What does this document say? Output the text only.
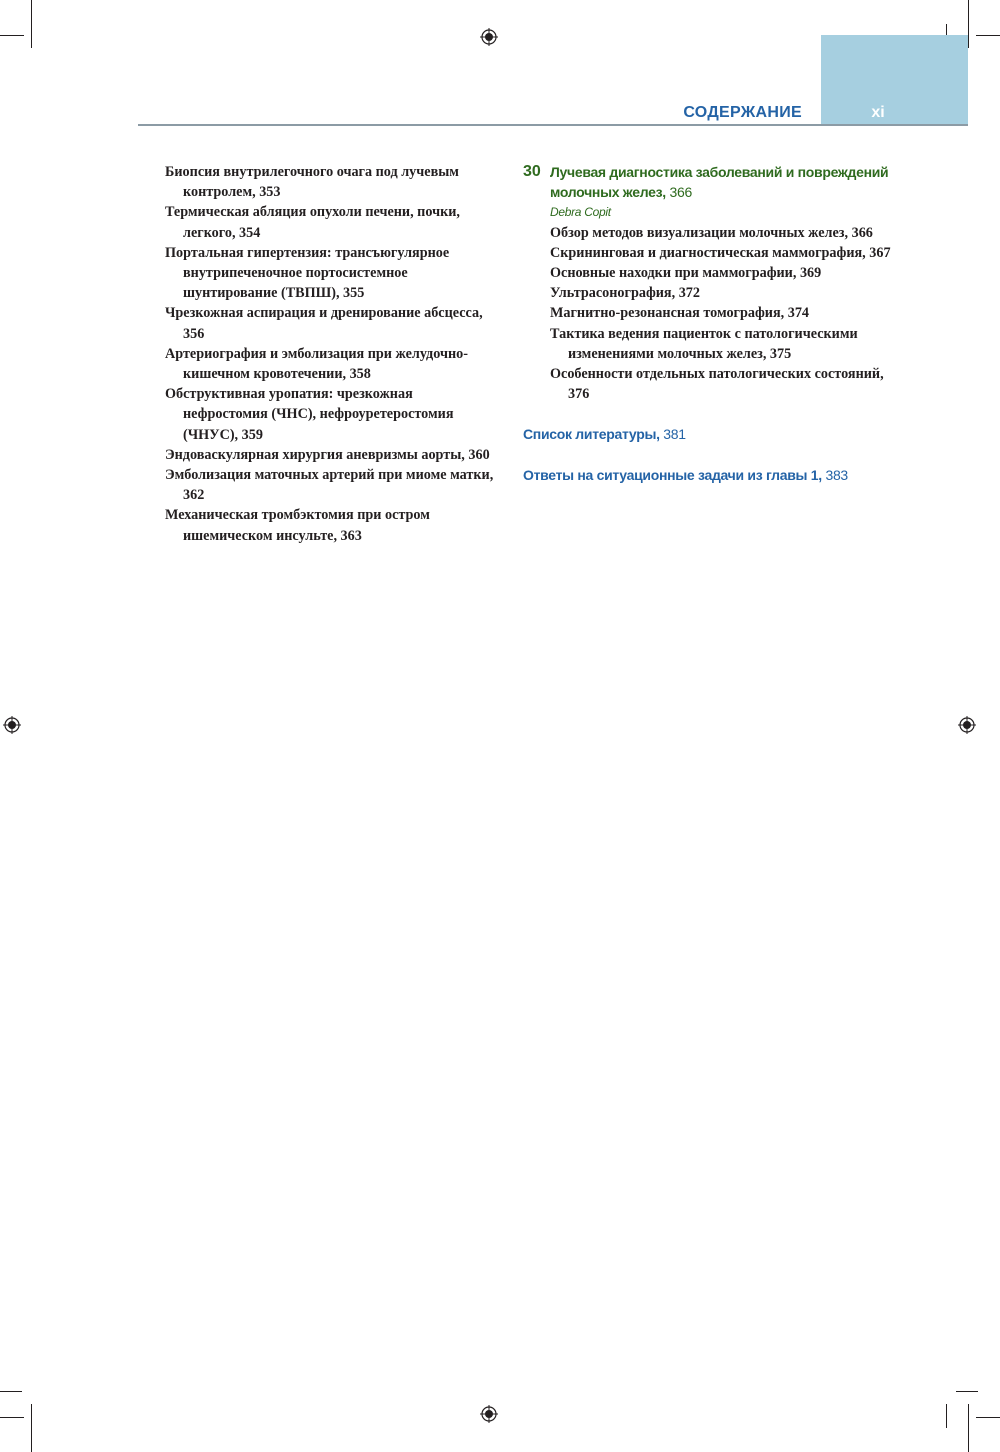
СОДЕРЖАНИЕ	xi

Биопсия внутрилегочного очага под лучевым контролем, 353

Термическая абляция опухоли печени, почки, легкого, 354

Портальная гипертензия: трансъюгулярное внутрипеченочное портосистемное шунтирование (ТВПШ), 355

Чрезкожная аспирация и дренирование абсцесса, 356

Артериография и эмболизация при желудочно-кишечном кровотечении, 358

Обструктивная уропатия: чрезкожная нефростомия (ЧНС), нефроуретеростомия (ЧНУС), 359

Эндоваскулярная хирургия аневризмы аорты, 360

Эмболизация маточных артерий при миоме матки, 362

Механическая тромбэктомия при остром ишемическом инсульте, 363

30 Лучевая диагностика заболеваний и повреждений молочных желез, 366
Debra Copit

Обзор методов визуализации молочных желез, 366

Скрининговая и диагностическая маммография, 367

Основные находки при маммографии, 369

Ультрасонография, 372

Магнитно-резонансная томография, 374

Тактика ведения пациенток с патологическими изменениями молочных желез, 375

Особенности отдельных патологических состояний, 376

Список литературы, 381
Ответы на ситуационные задачи из главы 1, 383
